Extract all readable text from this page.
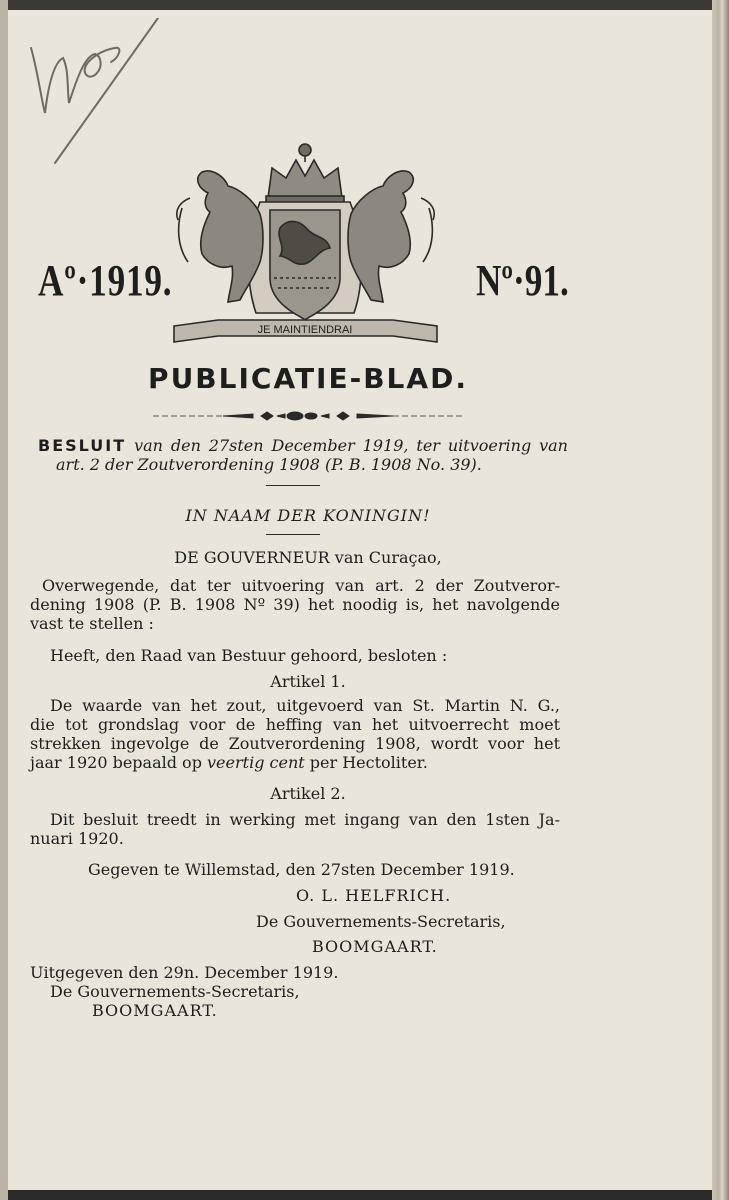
Aº·1919.	Nº·91.
JE MAINTIENDRAI
PUBLICATIE-BLAD.
BESLUIT van den 27sten December 1919, ter uitvoering van
art. 2 der Zoutverordening 1908 (P. B. 1908 No. 39).
IN NAAM DER KONINGIN!
DE GOUVERNEUR van Curaçao,
Overwegende, dat ter uitvoering van art. 2 der Zoutveror-
dening 1908 (P. B. 1908 Nº 39) het noodig is, het navolgende
vast te stellen :
Heeft, den Raad van Bestuur gehoord, besloten :
Artikel 1.
De waarde van het zout, uitgevoerd van St. Martin N. G.,
die tot grondslag voor de heffing van het uitvoerrecht moet
strekken ingevolge de Zoutverordening 1908, wordt voor het
jaar 1920 bepaald op veertig cent per Hectoliter.
Artikel 2.
Dit besluit treedt in werking met ingang van den 1sten Ja-
nuari 1920.
Gegeven te Willemstad, den 27sten December 1919.
O. L. HELFRICH.
De Gouvernements-Secretaris,
BOOMGAART.
Uitgegeven den 29n. December 1919.
De Gouvernements-Secretaris,
BOOMGAART.
